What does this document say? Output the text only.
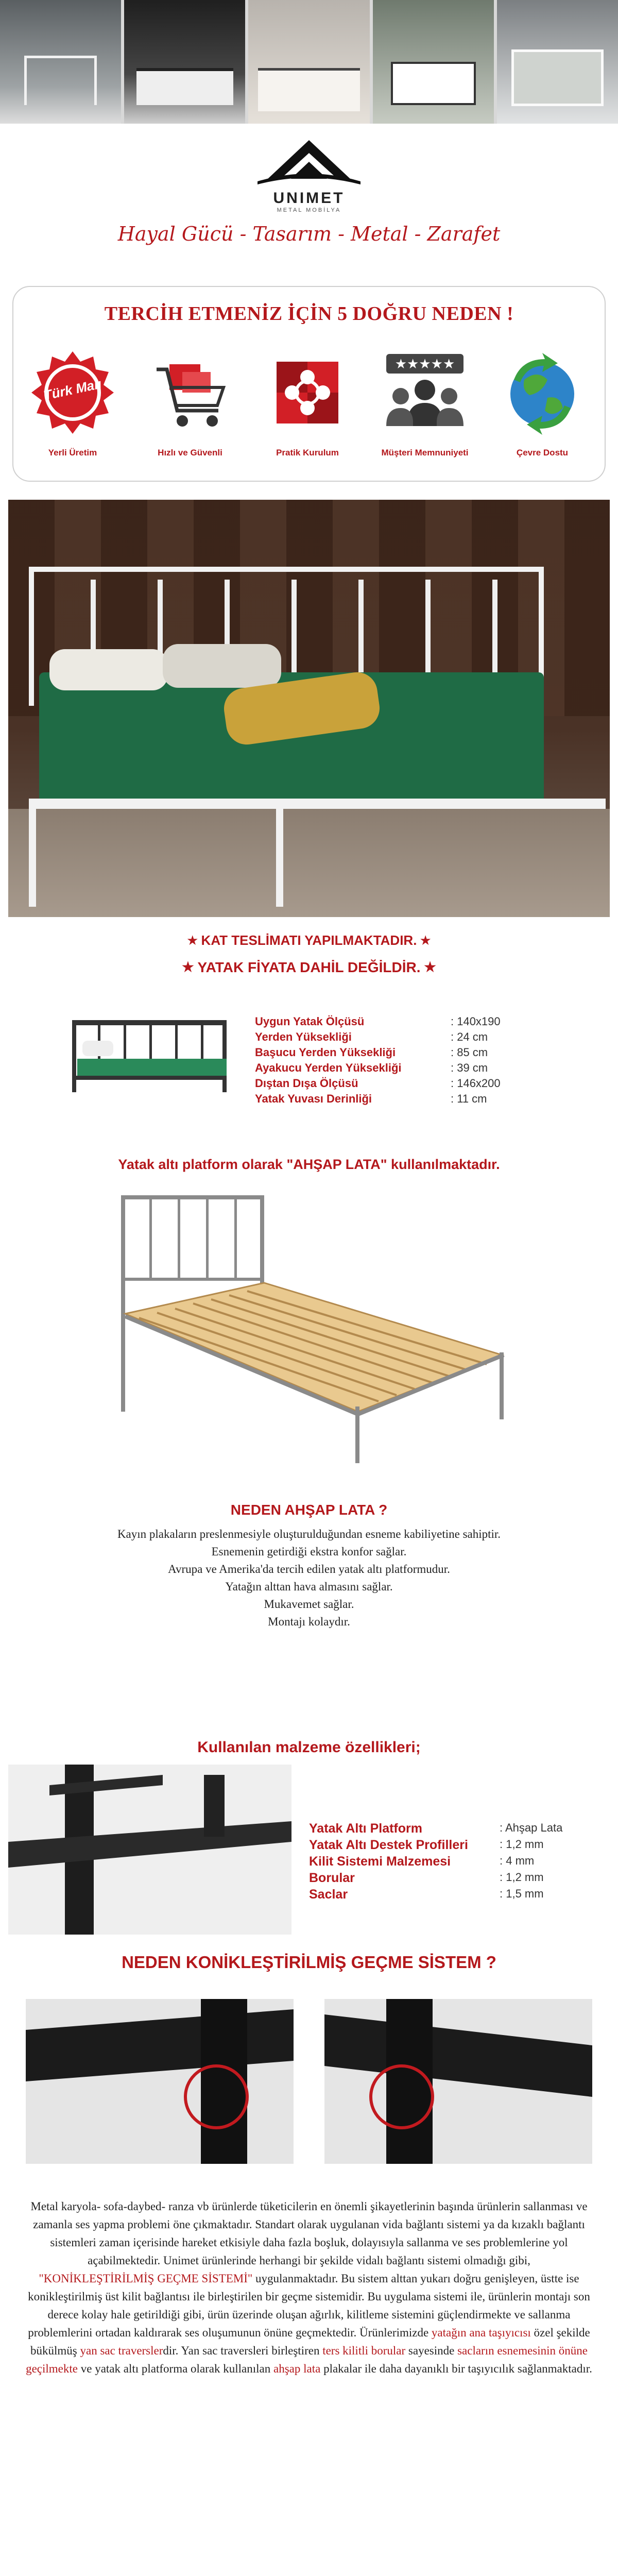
UNIMET
METAL MOBİLYA
Hayal Gücü - Tasarım - Metal - Zarafet
TERCİH ETMENİZ İÇİN 5 DOĞRU NEDEN !
Türk Malı
Yerli Üretim	Hızlı ve Güvenli	Pratik Kurulum
★★★★★
Müşteri Memnuniyeti	Çevre Dostu
★ KAT TESLİMATI YAPILMAKTADIR. ★
★ YATAK FİYATA DAHİL DEĞİLDİR. ★
Uygun Yatak Ölçüsü	: 140x190
Yerden Yüksekliği	: 24 cm
Başucu Yerden Yüksekliği	: 85 cm
Ayakucu Yerden Yüksekliği	: 39 cm
Dıştan Dışa Ölçüsü	: 146x200
Yatak Yuvası Derinliği	: 11 cm
Yatak altı platform olarak "AHŞAP LATA" kullanılmaktadır.
NEDEN AHŞAP LATA ?

Kayın plakaların preslenmesiyle oluşturulduğundan esneme kabiliyetine sahiptir.

Esnemenin getirdiği ekstra konfor sağlar.

Avrupa ve Amerika'da tercih edilen yatak altı platformudur.

Yatağın alttan hava almasını sağlar.

Mukavemet sağlar.

Montajı kolaydır.

Kullanılan malzeme özellikleri;
Yatak Altı Platform	: Ahşap Lata
Yatak Altı Destek Profilleri	: 1,2 mm
Kilit Sistemi Malzemesi	: 4 mm
Borular	: 1,2 mm
Saclar	: 1,5 mm
NEDEN KONİKLEŞTİRİLMİŞ GEÇME SİSTEM ?
Metal karyola- sofa-daybed- ranza vb ürünlerde tüketicilerin en önemli şikayetlerinin başında ürünlerin sallanması ve zamanla ses yapma problemi öne çıkmaktadır. Standart olarak uygulanan vida bağlantı sistemi ya da kızaklı bağlantı sistemleri zaman içerisinde hareket etkisiyle daha fazla boşluk, dolayısıyla sallanma ve ses problemlerine yol açabilmektedir. Unimet ürünlerinde herhangi bir şekilde vidalı bağlantı sistemi olmadığı gibi,
"KONİKLEŞTİRİLMİŞ GEÇME SİSTEMİ" uygulanmaktadır. Bu sistem alttan yukarı doğru genişleyen, üstte ise konikleştirilmiş üst kilit bağlantısı ile birleştirilen bir geçme sistemidir. Bu uygulama sistemi ile, ürünlerin montajı son derece kolay hale getirildiği gibi, ürün üzerinde oluşan ağırlık, kilitleme sistemini güçlendirmekte ve sallanma problemlerini ortadan kaldırarak ses oluşumunun önüne geçmektedir. Ürünlerimizde yatağın ana taşıyıcısı özel şekilde bükülmüş yan sac traverslerdir. Yan sac traversleri birleştiren ters kilitli borular sayesinde sacların esnemesinin önüne geçilmekte ve yatak altı platforma olarak kullanılan ahşap lata plakalar ile daha dayanıklı bir taşıyıcılık sağlanmaktadır.
